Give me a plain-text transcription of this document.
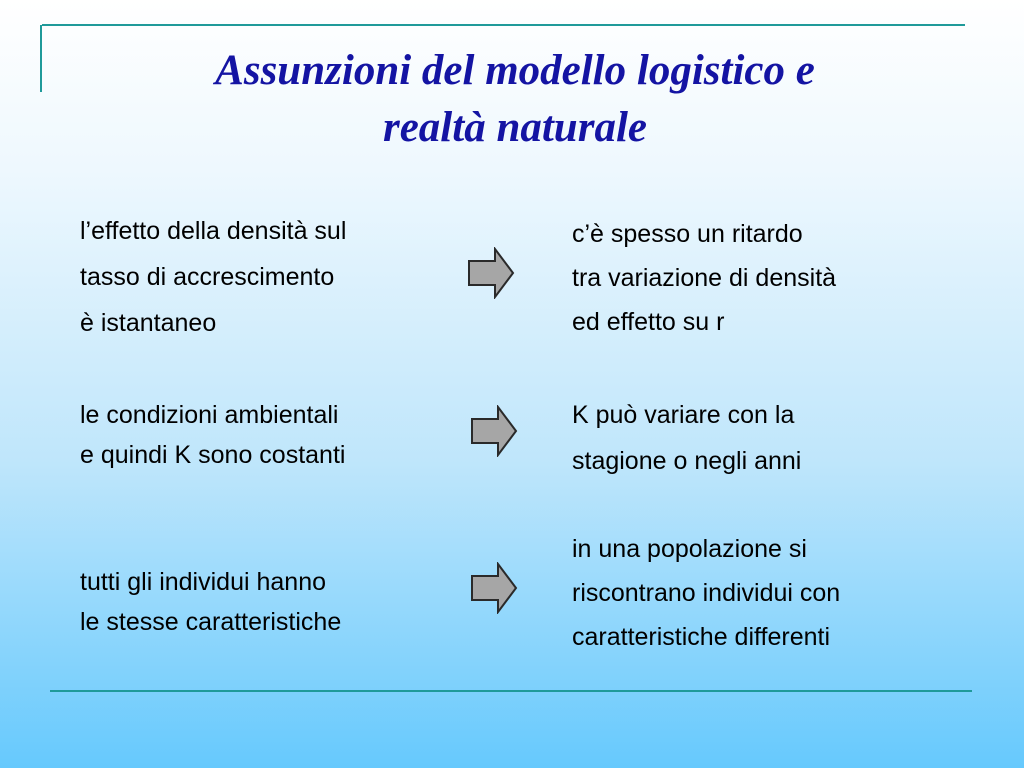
Assunzioni del modello logistico e
realtà naturale
l’effetto della densità sul
tasso di accrescimento
è istantaneo
c’è spesso un ritardo
tra variazione di densità
ed effetto su r
le condizioni ambientali
e quindi K sono costanti
K può variare con la
stagione o negli anni
tutti gli individui hanno
le stesse caratteristiche
in una popolazione si
riscontrano individui con
caratteristiche differenti
